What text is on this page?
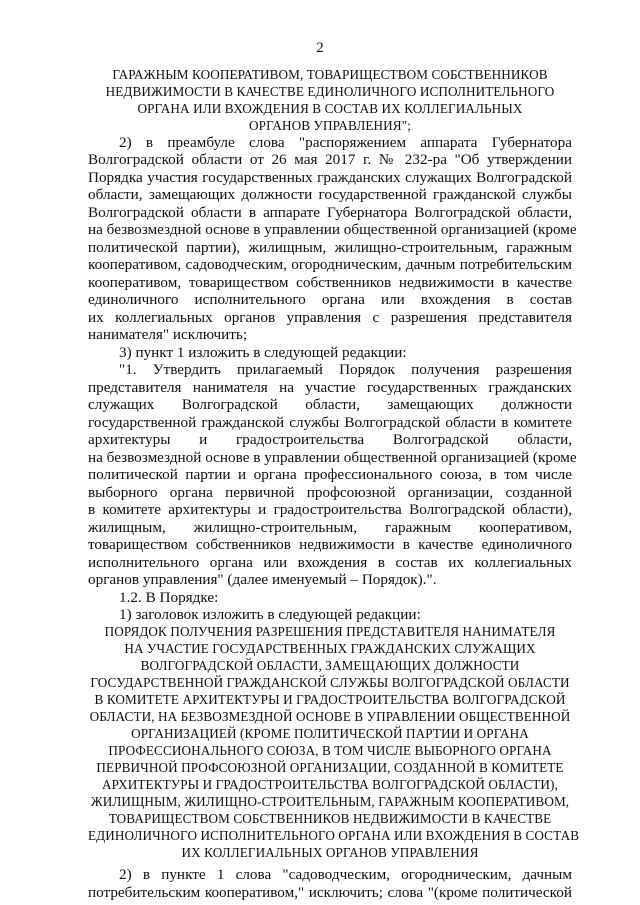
2
ГАРАЖНЫМ КООПЕРАТИВОМ, ТОВАРИЩЕСТВОМ СОБСТВЕННИКОВ
НЕДВИЖИМОСТИ В КАЧЕСТВЕ ЕДИНОЛИЧНОГО ИСПОЛНИТЕЛЬНОГО
ОРГАНА ИЛИ ВХОЖДЕНИЯ В СОСТАВ ИХ КОЛЛЕГИАЛЬНЫХ
ОРГАНОВ УПРАВЛЕНИЯ";
2) в преамбуле слова "распоряжением аппарата Губернатора
Волгоградской области от 26 мая 2017 г. № 232-ра "Об утверждении
Порядка участия государственных гражданских служащих Волгоградской
области, замещающих должности государственной гражданской службы
Волгоградской области в аппарате Губернатора Волгоградской области,
на безвозмездной основе в управлении общественной организацией (кроме
политической партии), жилищным, жилищно-строительным, гаражным
кооперативом, садоводческим, огородническим, дачным потребительским
кооперативом, товариществом собственников недвижимости в качестве
единоличного исполнительного органа или вхождения в состав
их коллегиальных органов управления с разрешения представителя
нанимателя" исключить;
3) пункт 1 изложить в следующей редакции:
"1. Утвердить прилагаемый Порядок получения разрешения
представителя нанимателя на участие государственных гражданских
служащих Волгоградской области, замещающих должности
государственной гражданской службы Волгоградской области в комитете
архитектуры и градостроительства Волгоградской области,
на безвозмездной основе в управлении общественной организацией (кроме
политической партии и органа профессионального союза, в том числе
выборного органа первичной профсоюзной организации, созданной
в комитете архитектуры и градостроительства Волгоградской области),
жилищным, жилищно-строительным, гаражным кооперативом,
товариществом собственников недвижимости в качестве единоличного
исполнительного органа или вхождения в состав их коллегиальных
органов управления" (далее именуемый – Порядок).".
1.2. В Порядке:
1) заголовок изложить в следующей редакции:
ПОРЯДОК ПОЛУЧЕНИЯ РАЗРЕШЕНИЯ ПРЕДСТАВИТЕЛЯ НАНИМАТЕЛЯ
НА УЧАСТИЕ ГОСУДАРСТВЕННЫХ ГРАЖДАНСКИХ СЛУЖАЩИХ
ВОЛГОГРАДСКОЙ ОБЛАСТИ, ЗАМЕЩАЮЩИХ ДОЛЖНОСТИ
ГОСУДАРСТВЕННОЙ ГРАЖДАНСКОЙ СЛУЖБЫ ВОЛГОГРАДСКОЙ ОБЛАСТИ
В КОМИТЕТЕ АРХИТЕКТУРЫ И ГРАДОСТРОИТЕЛЬСТВА ВОЛГОГРАДСКОЙ
ОБЛАСТИ, НА БЕЗВОЗМЕЗДНОЙ ОСНОВЕ В УПРАВЛЕНИИ ОБЩЕСТВЕННОЙ
ОРГАНИЗАЦИЕЙ (КРОМЕ ПОЛИТИЧЕСКОЙ ПАРТИИ И ОРГАНА
ПРОФЕССИОНАЛЬНОГО СОЮЗА, В ТОМ ЧИСЛЕ ВЫБОРНОГО ОРГАНА
ПЕРВИЧНОЙ ПРОФСОЮЗНОЙ ОРГАНИЗАЦИИ, СОЗДАННОЙ В КОМИТЕТЕ
АРХИТЕКТУРЫ И ГРАДОСТРОИТЕЛЬСТВА ВОЛГОГРАДСКОЙ ОБЛАСТИ),
ЖИЛИЩНЫМ, ЖИЛИЩНО-СТРОИТЕЛЬНЫМ, ГАРАЖНЫМ КООПЕРАТИВОМ,
ТОВАРИЩЕСТВОМ СОБСТВЕННИКОВ НЕДВИЖИМОСТИ В КАЧЕСТВЕ
ЕДИНОЛИЧНОГО ИСПОЛНИТЕЛЬНОГО ОРГАНА ИЛИ ВХОЖДЕНИЯ В СОСТАВ
ИХ КОЛЛЕГИАЛЬНЫХ ОРГАНОВ УПРАВЛЕНИЯ
2) в пункте 1 слова "садоводческим, огородническим, дачным
потребительским кооперативом," исключить; слова "(кроме политической
